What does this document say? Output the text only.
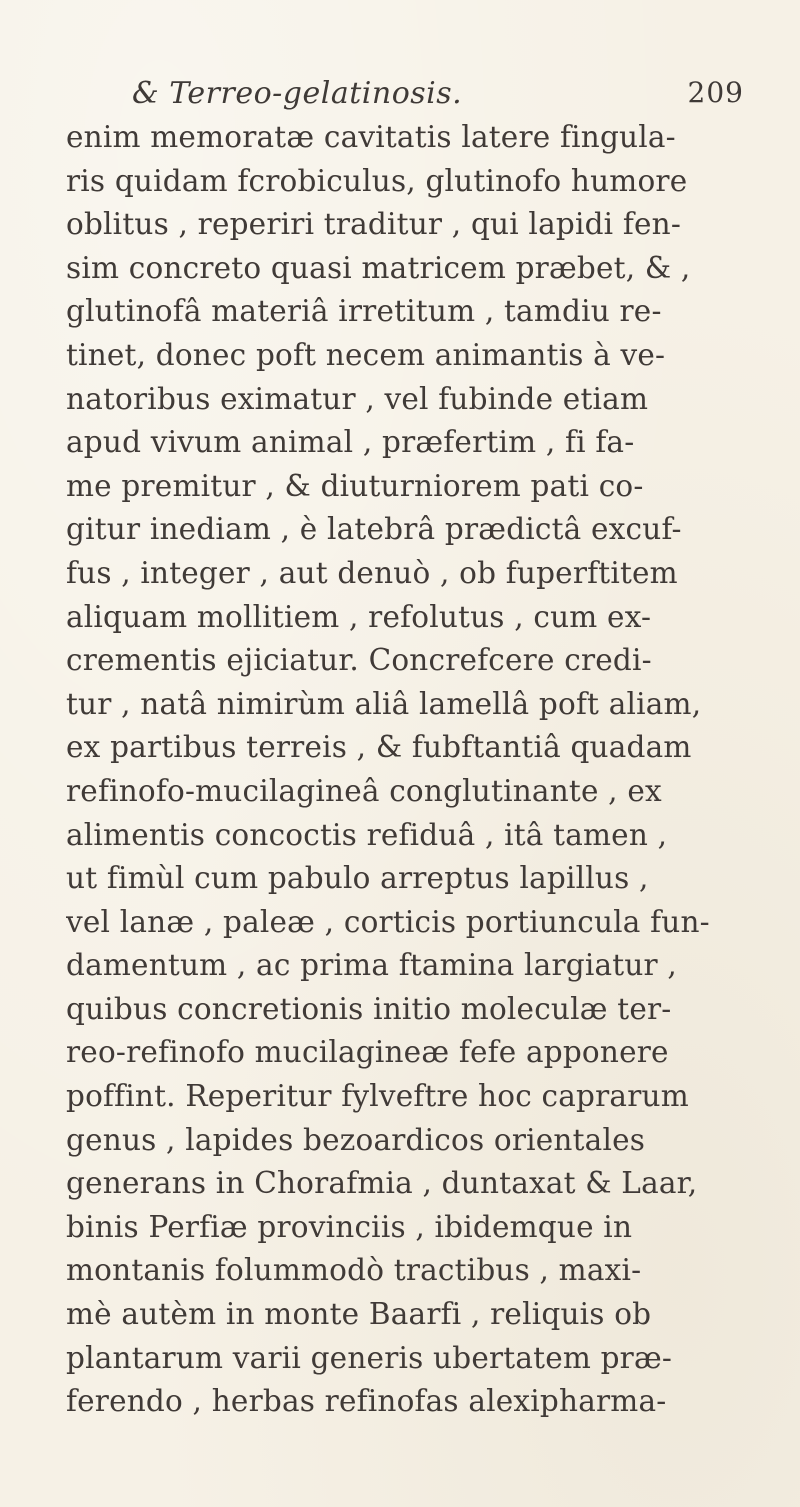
& Terreo-gelatinosis.	209
enim memoratæ cavitatis latere fingula-
ris quidam fcrobiculus, glutinofo humore
oblitus , reperiri traditur , qui lapidi fen-
sim concreto quasi matricem præbet, & ,
glutinofâ materiâ irretitum , tamdiu re-
tinet, donec poft necem animantis à ve-
natoribus eximatur , vel fubinde etiam
apud vivum animal , præfertim , fi fa-
me premitur , & diuturniorem pati co-
gitur inediam , è latebrâ prædictâ excuf-
fus , integer , aut denuò , ob fuperftitem
aliquam mollitiem , refolutus , cum ex-
crementis ejiciatur. Concrefcere credi-
tur , natâ nimirùm aliâ lamellâ poft aliam,
ex partibus terreis , & fubftantiâ quadam
refinofo-mucilagineâ conglutinante , ex
alimentis concoctis refiduâ , itâ tamen ,
ut fimùl cum pabulo arreptus lapillus ,
vel lanæ , paleæ , corticis portiuncula fun-
damentum , ac prima ftamina largiatur ,
quibus concretionis initio moleculæ ter-
reo-refinofo mucilagineæ fefe apponere
poffint. Reperitur fylveftre hoc caprarum
genus , lapides bezoardicos orientales
generans in Chorafmia , duntaxat & Laar,
binis Perfiæ provinciis , ibidemque in
montanis folummodò tractibus , maxi-
mè autèm in monte Baarfi , reliquis ob
plantarum varii generis ubertatem præ-
ferendo , herbas refinofas alexipharma-
